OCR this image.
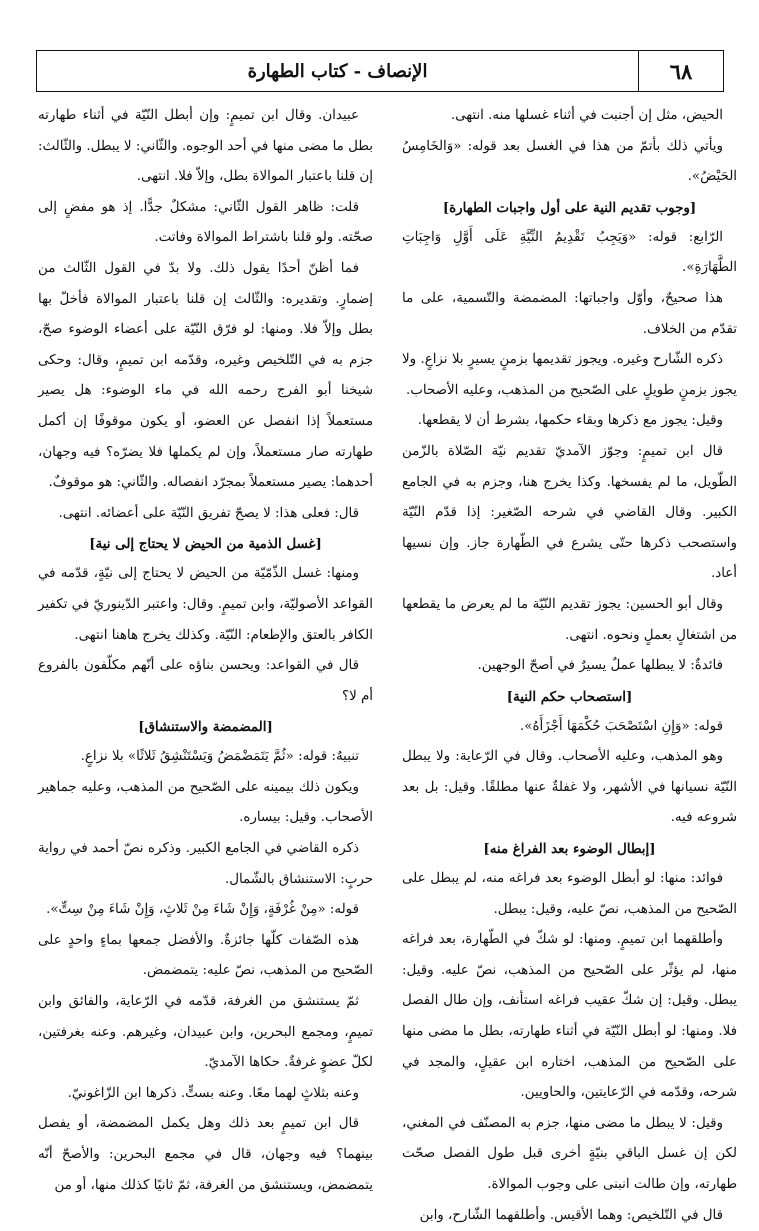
٦٨
الإنصاف - كتاب الطهارة

الحيض، مثل إن أجنبت في أثناء غسلها منه. انتهى.

ويأتي ذلك بأتمّ من هذا في الغسل بعد قوله: «وَالخَامِسُ الحَيْضُ».

[وجوب تقديم النية على أول واجبات الطهارة]

الرّابع: قوله: «وَيَجِبُ تَقْدِيمُ النِّيَّةِ عَلَى أَوَّلِ وَاجِبَاتِ الطَّهَارَةِ».

هذا صحيحٌ، وأوّل واجباتها: المضمضة والتّسمية، على ما تقدّم من الخلاف.

ذكره الشّارح وغيره. ويجوز تقديمها بزمنٍ يسيرٍ بلا نزاعٍ. ولا يجوز بزمنٍ طويلٍ على الصّحيح من المذهب، وعليه الأصحاب.

وقيل: يجوز مع ذكرها وبقاء حكمها، بشرط أن لا يقطعها.

قال ابن تميمٍ: وجوّز الآمديّ تقديم نيّة الصّلاة بالزّمن الطّويل، ما لم يفسخها. وكذا يخرج هنا، وجزم به في الجامع الكبير. وقال القاضي في شرحه الصّغير: إذا قدّم النّيّة واستصحب ذكرها حتّى يشرع في الطّهارة جاز. وإن نسيها أعاد.

وقال أبو الحسين: يجوز تقديم النّيّة ما لم يعرض ما يقطعها من اشتغالٍ بعملٍ ونحوه. انتهى.

فائدةٌ: لا يبطلها عملٌ يسيرٌ في أصحّ الوجهين.

[استصحاب حكم النية]

قوله: «وَإِنِ اسْتَصْحَبَ حُكْمَهَا أَجْزَأَهُ».

وهو المذهب، وعليه الأصحاب. وقال في الرّعاية: ولا يبطل النّيّة نسيانها في الأشهر، ولا غفلةٌ عنها مطلقًا. وقيل: بل بعد شروعه فيه.

[إبطال الوضوء بعد الفراغ منه]

فوائد: منها: لو أبطل الوضوء بعد فراغه منه، لم يبطل على الصّحيح من المذهب، نصّ عليه، وقيل: يبطل.

وأطلقهما ابن تميمٍ. ومنها: لو شكّ في الطّهارة، بعد فراغه منها، لم يؤثّر على الصّحيح من المذهب، نصّ عليه. وقيل: يبطل. وقيل: إن شكّ عقيب فراغه استأنف، وإن طال الفصل فلا. ومنها: لو أبطل النّيّة في أثناء طهارته، بطل ما مضى منها على الصّحيح من المذهب، اختاره ابن عقيلٍ، والمجد في شرحه، وقدّمه في الرّعايتين، والحاويين.

وقيل: لا يبطل ما مضى منها، جزم به المصنّف في المغني، لكن إن غسل الباقي بنيّةٍ أخرى قبل طول الفصل صحّت طهارته، وإن طالت انبنى على وجوب الموالاة.

قال في التّلخيص: وهما الأقيس. وأطلقهما الشّارح، وابن

عبيدان. وقال ابن تميمٍ: وإن أبطل النّيّة في أثناء طهارته بطل ما مضى منها في أحد الوجوه. والثّاني: لا يبطل. والثّالث: إن قلنا باعتبار الموالاة بطل، وإلاّ فلا. انتهى.

قلت: ظاهر القول الثّاني: مشكلٌ جدًّا. إذ هو مفضٍ إلى صحّته. ولو قلنا باشتراط الموالاة وفاتت.

فما أظنّ أحدًا يقول ذلك. ولا بدّ في القول الثّالث من إضمارٍ. وتقديره: والثّالث إن قلنا باعتبار الموالاة فأخلّ بها بطل وإلاّ فلا. ومنها: لو فرّق النّيّة على أعضاء الوضوء صحّ، جزم به في التّلخيص وغيره، وقدّمه ابن تميمٍ، وقال: وحكى شيخنا أبو الفرج رحمه الله في ماء الوضوء: هل يصير مستعملاً إذا انفصل عن العضو، أو يكون موقوفًا إن أكمل طهارته صار مستعملاً، وإن لم يكملها فلا يضرّه؟ فيه وجهان، أحدهما: يصير مستعملاً بمجرّد انفصاله. والثّاني: هو موقوفٌ.

قال: فعلى هذا: لا يصحّ تفريق النّيّة على أعضائه. انتهى.

[غسل الذمية من الحيض لا يحتاج إلى نية]

ومنها: غسل الذّمّيّة من الحيض لا يحتاج إلى نيّةٍ، قدّمه في القواعد الأصوليّة، وابن تميمٍ. وقال: واعتبر الدّينوريّ في تكفير الكافر بالعتق والإطعام: النّيّة. وكذلك يخرج هاهنا انتهى.

قال في القواعد: ويحسن بناؤه على أنّهم مكلّفون بالفروع أم لا؟

[المضمضة والاستنشاق]

تنبيهٌ: قوله: «ثُمَّ يَتَمَضْمَضُ وَيَسْتَنْشِقُ ثَلاثًا» بلا نزاعٍ.

ويكون ذلك بيمينه على الصّحيح من المذهب، وعليه جماهير الأصحاب. وقيل: بيساره.

ذكره القاضي في الجامع الكبير. وذكره نصّ أحمد في رواية حربٍ: الاستنشاق بالشّمال.

قوله: «مِنْ غُرْفَةٍ، وَإِنْ شَاءَ مِنْ ثَلاثٍ، وَإِنْ شَاءَ مِنْ سِتٍّ».

هذه الصّفات كلّها جائزةٌ. والأفضل جمعها بماءٍ واحدٍ على الصّحيح من المذهب، نصّ عليه: يتمضمض.

ثمّ يستنشق من الغرفة، قدّمه في الرّعاية، والفائق وابن تميمٍ، ومجمع البحرين، وابن عبيدان، وغيرهم. وعنه بغرفتين، لكلّ عضوٍ غرفةٌ. حكاها الآمديّ.

وعنه بثلاثٍ لهما معًا. وعنه بستٍّ. ذكرها ابن الزّاغونيّ.

قال ابن تميمٍ بعد ذلك وهل يكمل المضمضة، أو يفصل بينهما؟ فيه وجهان، قال في مجمع البحرين: والأصحّ أنّه يتمضمض، ويستنشق من الغرفة، ثمّ ثانيًا كذلك منها، أو من
